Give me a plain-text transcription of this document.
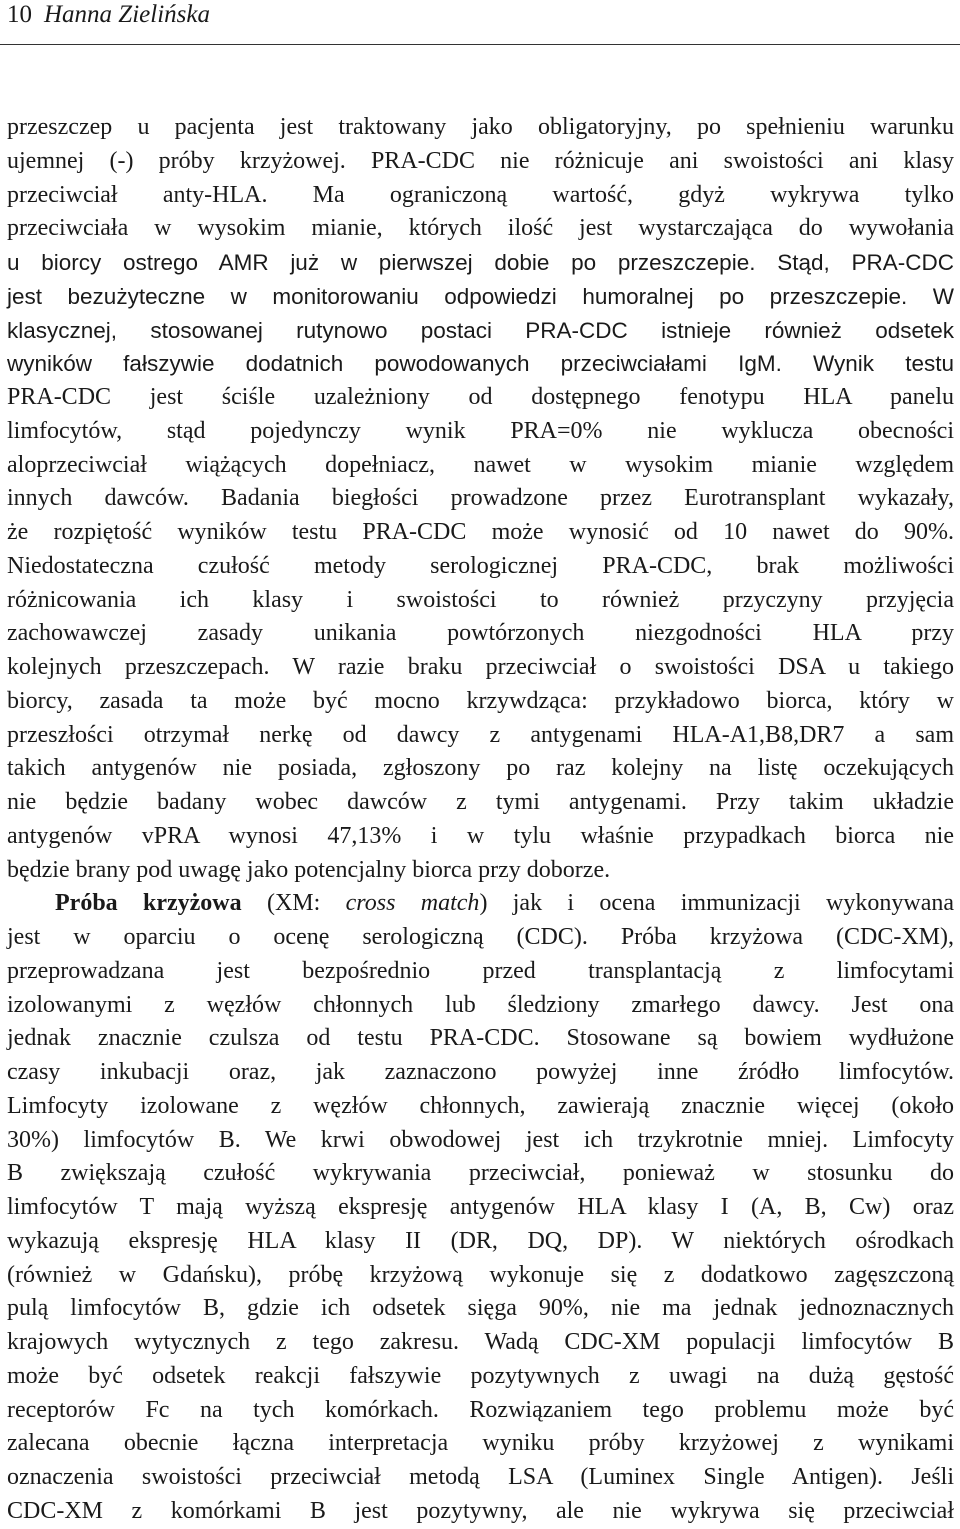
10 Hanna Zielińska
przeszczep u pacjenta jest traktowany jako obligatoryjny, po spełnieniu warunku
ujemnej (-) próby krzyżowej. PRA-CDC nie różnicuje ani swoistości ani klasy
przeciwciał anty-HLA. Ma ograniczoną wartość, gdyż wykrywa tylko
przeciwciała w wysokim mianie, których ilość jest wystarczająca do wywołania
u biorcy ostrego AMR już w pierwszej dobie po przeszczepie. Stąd, PRA-CDC
jest bezużyteczne w monitorowaniu odpowiedzi humoralnej po przeszczepie. W
klasycznej, stosowanej rutynowo postaci PRA-CDC istnieje również odsetek
wyników fałszywie dodatnich powodowanych przeciwciałami IgM. Wynik testu
PRA-CDC jest ściśle uzależniony od dostępnego fenotypu HLA panelu
limfocytów, stąd pojedynczy wynik PRA=0% nie wyklucza obecności
aloprzeciwciał wiążących dopełniacz, nawet w wysokim mianie względem
innych dawców. Badania biegłości prowadzone przez Eurotransplant wykazały,
że rozpiętość wyników testu PRA-CDC może wynosić od 10 nawet do 90%.
Niedostateczna czułość metody serologicznej PRA-CDC, brak możliwości
różnicowania ich klasy i swoistości to również przyczyny przyjęcia
zachowawczej zasady unikania powtórzonych niezgodności HLA przy
kolejnych przeszczepach. W razie braku przeciwciał o swoistości DSA u takiego
biorcy, zasada ta może być mocno krzywdząca: przykładowo biorca, który w
przeszłości otrzymał nerkę od dawcy z antygenami HLA-A1,B8,DR7 a sam
takich antygenów nie posiada, zgłoszony po raz kolejny na listę oczekujących
nie będzie badany wobec dawców z tymi antygenami. Przy takim układzie
antygenów vPRA wynosi 47,13% i w tylu właśnie przypadkach biorca nie
będzie brany pod uwagę jako potencjalny biorca przy doborze.
Próba krzyżowa (XM: cross match) jak i ocena immunizacji wykonywana
jest w oparciu o ocenę serologiczną (CDC). Próba krzyżowa (CDC-XM),
przeprowadzana jest bezpośrednio przed transplantacją z limfocytami
izolowanymi z węzłów chłonnych lub śledziony zmarłego dawcy. Jest ona
jednak znacznie czulsza od testu PRA-CDC. Stosowane są bowiem wydłużone
czasy inkubacji oraz, jak zaznaczono powyżej inne źródło limfocytów.
Limfocyty izolowane z węzłów chłonnych, zawierają znacznie więcej (około
30%) limfocytów B. We krwi obwodowej jest ich trzykrotnie mniej. Limfocyty
B zwiększają czułość wykrywania przeciwciał, ponieważ w stosunku do
limfocytów T mają wyższą ekspresję antygenów HLA klasy I (A, B, Cw) oraz
wykazują ekspresję HLA klasy II (DR, DQ, DP). W niektórych ośrodkach
(również w Gdańsku), próbę krzyżową wykonuje się z dodatkowo zagęszczoną
pulą limfocytów B, gdzie ich odsetek sięga 90%, nie ma jednak jednoznacznych
krajowych wytycznych z tego zakresu. Wadą CDC-XM populacji limfocytów B
może być odsetek reakcji fałszywie pozytywnych z uwagi na dużą gęstość
receptorów Fc na tych komórkach. Rozwiązaniem tego problemu może być
zalecana obecnie łączna interpretacja wyniku próby krzyżowej z wynikami
oznaczenia swoistości przeciwciał metodą LSA (Luminex Single Antigen). Jeśli
CDC-XM z komórkami B jest pozytywny, ale nie wykrywa się przeciwciał
